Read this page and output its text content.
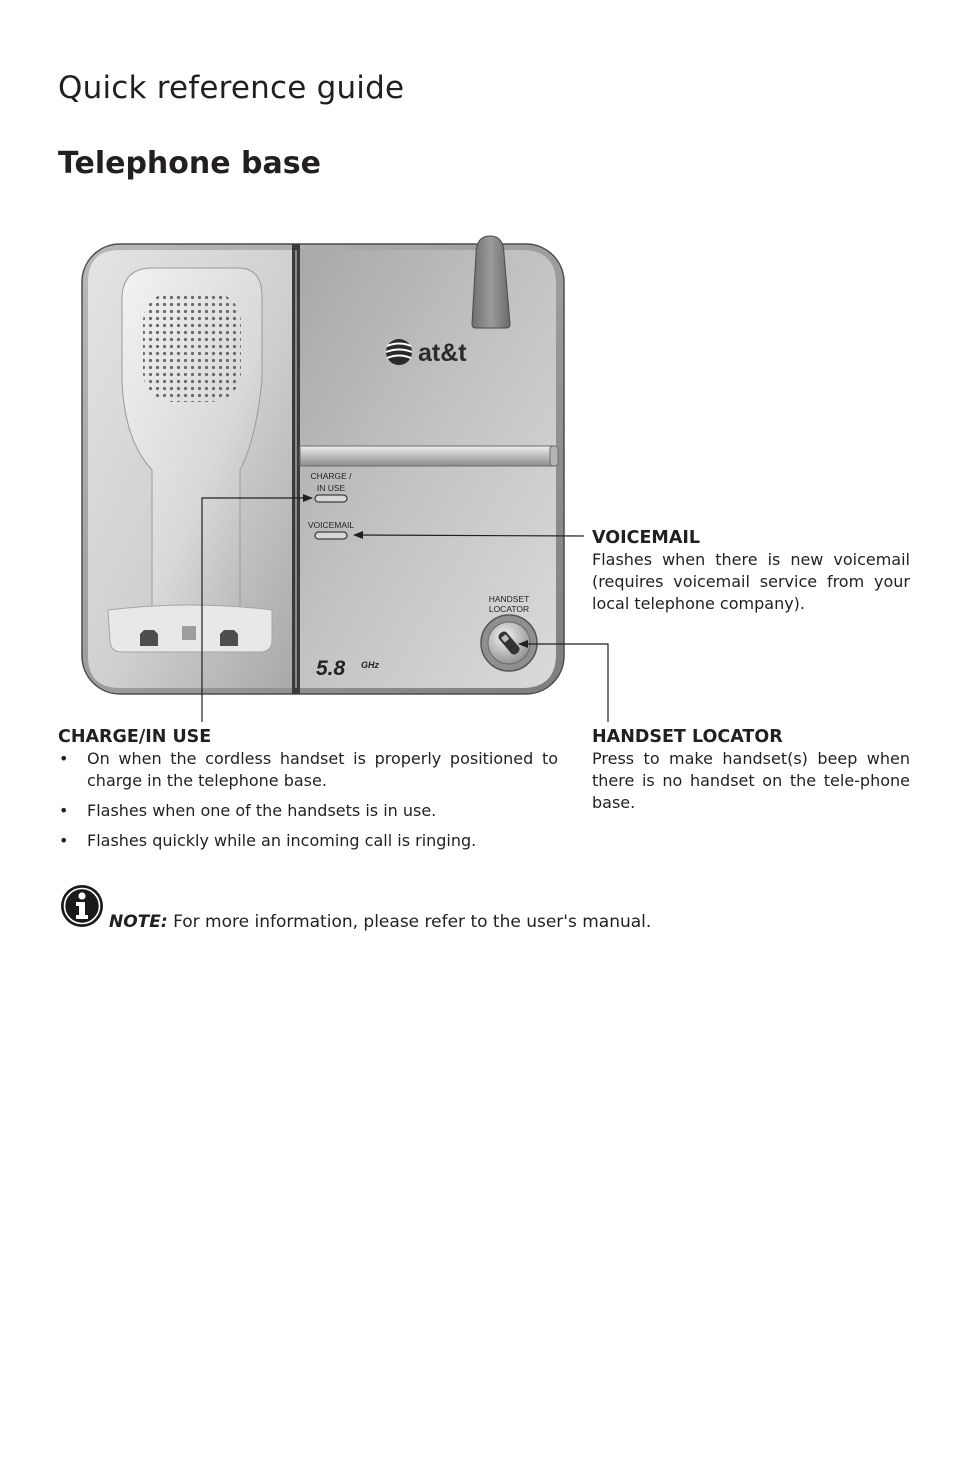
Quick reference guide
Telephone base
at&t
CHARGE /
IN USE
VOICEMAIL
HANDSET
LOCATOR
5.8 GHz
VOICEMAIL
Flashes when there is new voicemail (requires voicemail service from your local telephone company).
HANDSET LOCATOR
Press to make handset(s) beep when there is no handset on the tele-phone base.
CHARGE/IN USE
• On when the cordless handset is properly positioned to charge in the telephone base.
• Flashes when one of the handsets is in use.
• Flashes quickly while an incoming call is ringing.
NOTE: For more information, please refer to the user's manual.
